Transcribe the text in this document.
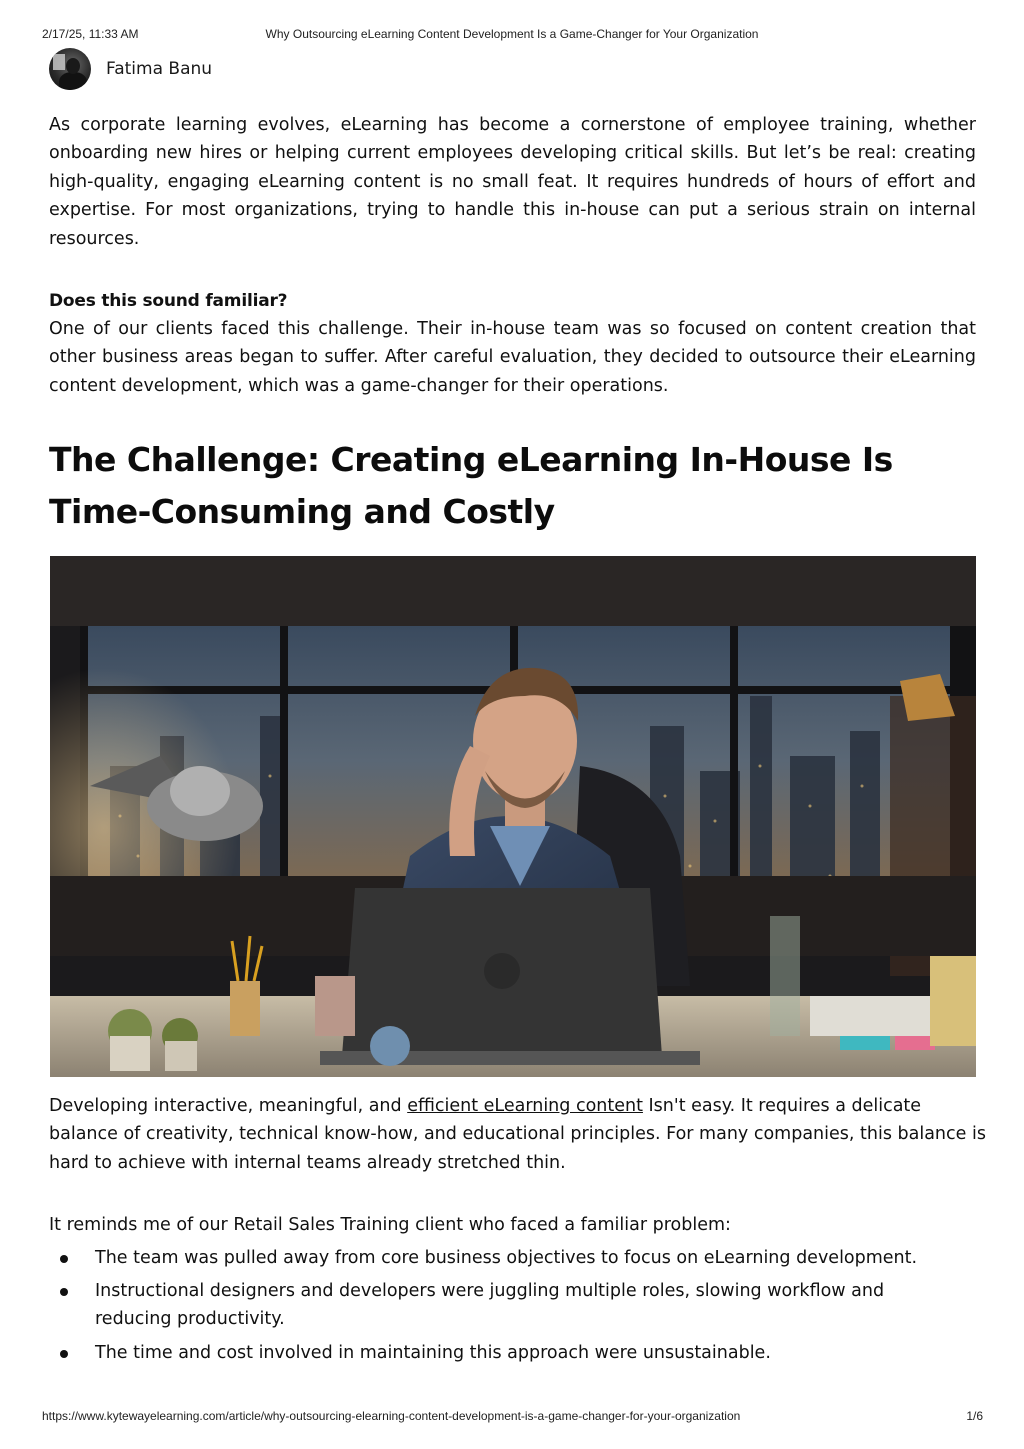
2/17/25, 11:33 AM	Why Outsourcing eLearning Content Development Is a Game-Changer for Your Organization
Fatima Banu

As corporate learning evolves, eLearning has become a cornerstone of employee training, whether onboarding new hires or helping current employees developing critical skills. But let’s be real: creating high-quality, engaging eLearning content is no small feat. It requires hundreds of hours of effort and expertise. For most organizations, trying to handle this in-house can put a serious strain on internal resources.

Does this sound familiar?

One of our clients faced this challenge. Their in-house team was so focused on content creation that other business areas began to suffer. After careful evaluation, they decided to outsource their eLearning content development, which was a game-changer for their operations.

The Challenge: Creating eLearning In-House Is Time-Consuming and Costly

Developing interactive, meaningful, and efficient eLearning content Isn't easy. It requires a delicate balance of creativity, technical know-how, and educational principles. For many companies, this balance is hard to achieve with internal teams already stretched thin.

It reminds me of our Retail Sales Training client who faced a familiar problem:

The team was pulled away from core business objectives to focus on eLearning development.
Instructional designers and developers were juggling multiple roles, slowing workflow and reducing productivity.
The time and cost involved in maintaining this approach were unsustainable.
https://www.kytewayelearning.com/article/why-outsourcing-elearning-content-development-is-a-game-changer-for-your-organization	1/6
